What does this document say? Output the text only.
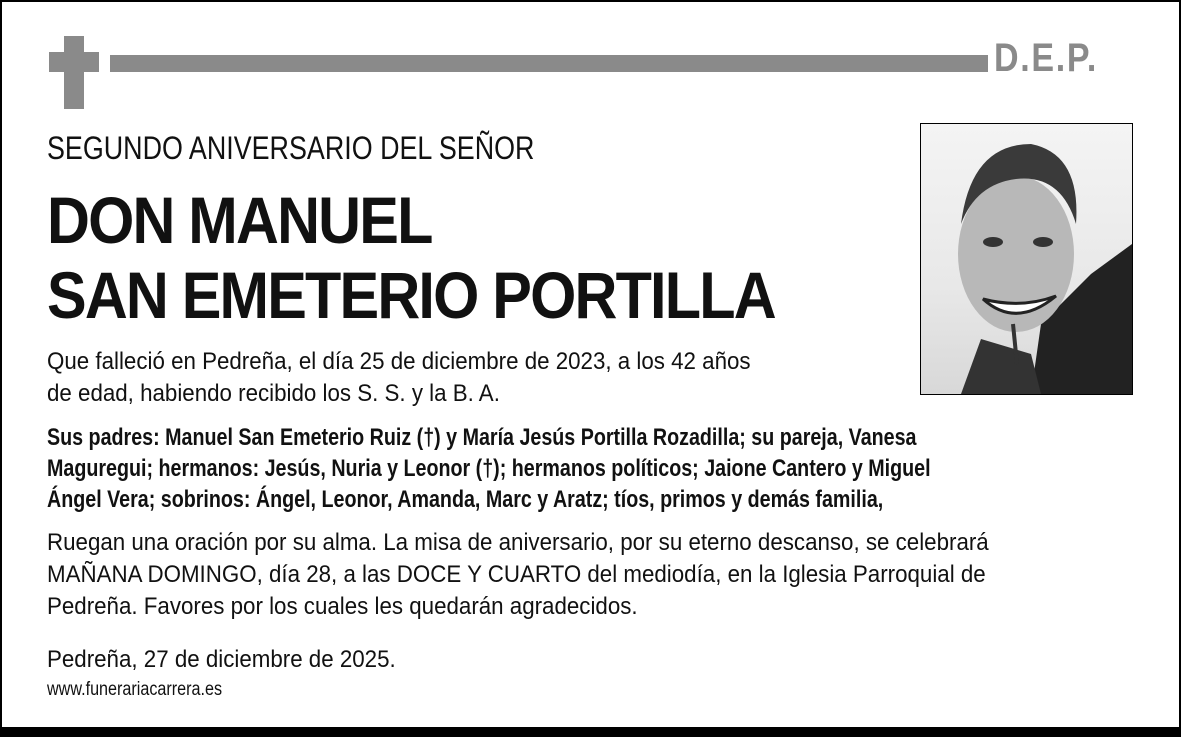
D.E.P.
SEGUNDO ANIVERSARIO DEL SEÑOR
DON MANUEL
SAN EMETERIO PORTILLA
Que falleció en Pedreña, el día 25 de diciembre de 2023, a los 42 años
de edad, habiendo recibido los S. S. y la B. A.
Sus padres: Manuel San Emeterio Ruiz (†) y María Jesús Portilla Rozadilla; su pareja, Vanesa
Maguregui; hermanos: Jesús, Nuria y Leonor (†); hermanos políticos; Jaione Cantero y Miguel
Ángel Vera; sobrinos: Ángel, Leonor, Amanda, Marc y Aratz; tíos, primos y demás familia,
Ruegan una oración por su alma. La misa de aniversario, por su eterno descanso, se celebrará
MAÑANA DOMINGO, día 28, a las DOCE Y CUARTO del mediodía, en la Iglesia Parroquial de
Pedreña. Favores por los cuales les quedarán agradecidos.
Pedreña, 27 de diciembre de 2025.
www.funerariacarrera.es
